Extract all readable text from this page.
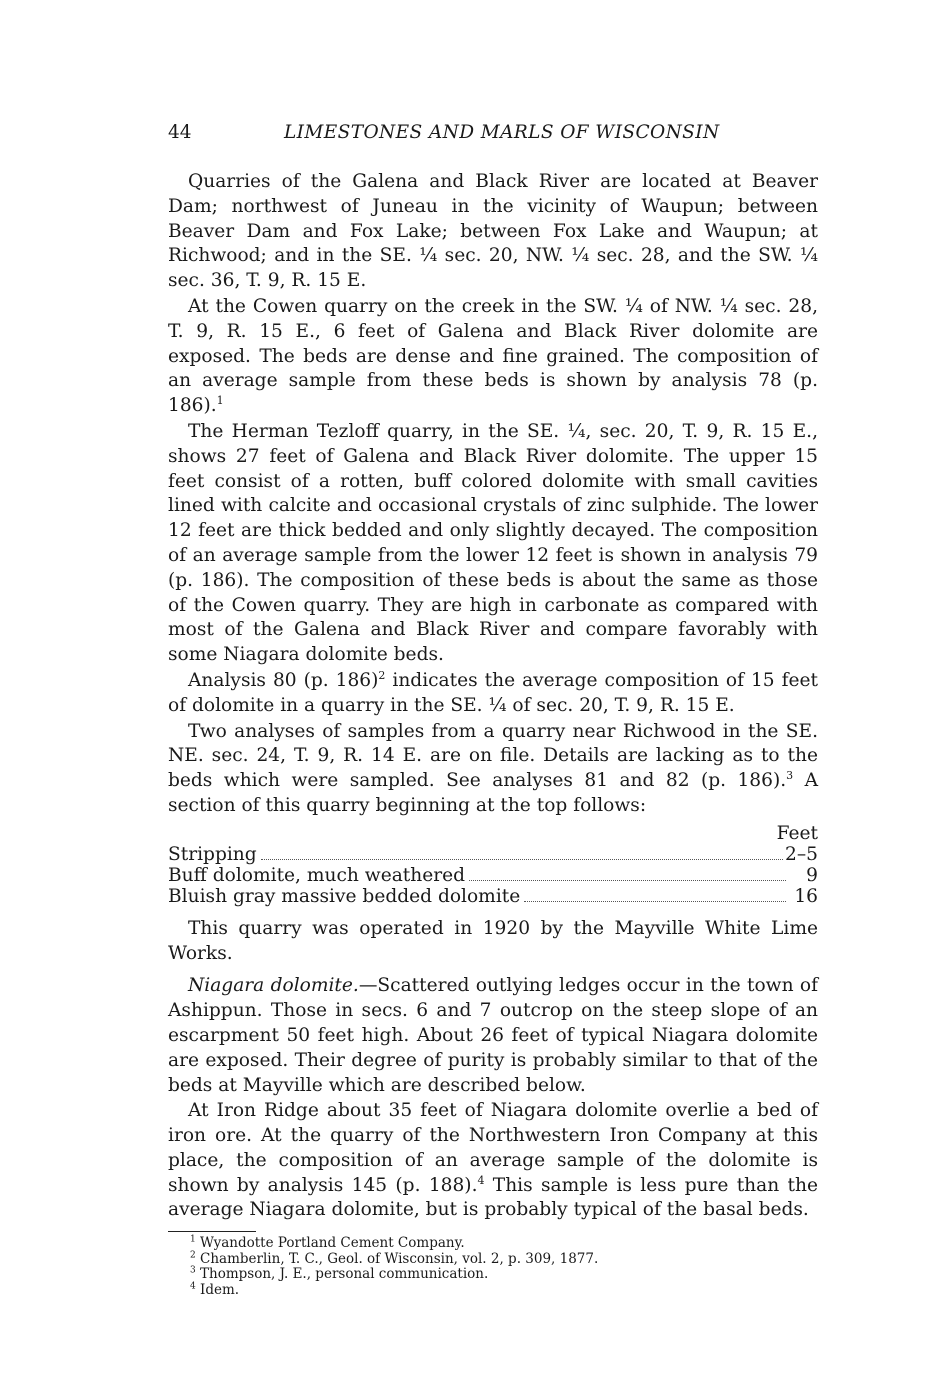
44	LIMESTONES AND MARLS OF WISCONSIN

Quarries of the Galena and Black River are located at Beaver Dam; northwest of Juneau in the vicinity of Waupun; between Beaver Dam and Fox Lake; between Fox Lake and Waupun; at Richwood; and in the SE. ¼ sec. 20, NW. ¼ sec. 28, and the SW. ¼ sec. 36, T. 9, R. 15 E.

At the Cowen quarry on the creek in the SW. ¼ of NW. ¼ sec. 28, T. 9, R. 15 E., 6 feet of Galena and Black River dolomite are exposed. The beds are dense and fine grained. The composition of an average sample from these beds is shown by analysis 78 (p. 186).$^1$

The Herman Tezloff quarry, in the SE. ¼, sec. 20, T. 9, R. 15 E., shows 27 feet of Galena and Black River dolomite. The upper 15 feet consist of a rotten, buff colored dolomite with small cavities lined with calcite and occasional crystals of zinc sulphide. The lower 12 feet are thick bedded and only slightly decayed. The composition of an average sample from the lower 12 feet is shown in analysis 79 (p. 186). The composition of these beds is about the same as those of the Cowen quarry. They are high in carbonate as compared with most of the Galena and Black River and compare favorably with some Niagara dolomite beds.

Analysis 80 (p. 186)$^2$ indicates the average composition of 15 feet of dolomite in a quarry in the SE. ¼ of sec. 20, T. 9, R. 15 E.

Two analyses of samples from a quarry near Richwood in the SE. NE. sec. 24, T. 9, R. 14 E. are on file. Details are lacking as to the beds which were sampled. See analyses 81 and 82 (p. 186).$^3$ A section of this quarry beginning at the top follows:

Feet
Stripping	2–5
Buff dolomite, much weathered	9
Bluish gray massive bedded dolomite	16

This quarry was operated in 1920 by the Mayville White Lime Works.

Niagara dolomite.—Scattered outlying ledges occur in the town of Ashippun. Those in secs. 6 and 7 outcrop on the steep slope of an escarpment 50 feet high. About 26 feet of typical Niagara dolomite are exposed. Their degree of purity is probably similar to that of the beds at Mayville which are described below.

At Iron Ridge about 35 feet of Niagara dolomite overlie a bed of iron ore. At the quarry of the Northwestern Iron Company at this place, the composition of an average sample of the dolomite is shown by analysis 145 (p. 188).$^4$ This sample is less pure than the average Niagara dolomite, but is probably typical of the basal beds.

$^1$ Wyandotte Portland Cement Company.
$^2$ Chamberlin, T. C., Geol. of Wisconsin, vol. 2, p. 309, 1877.
$^3$ Thompson, J. E., personal communication.
$^4$ Idem.
